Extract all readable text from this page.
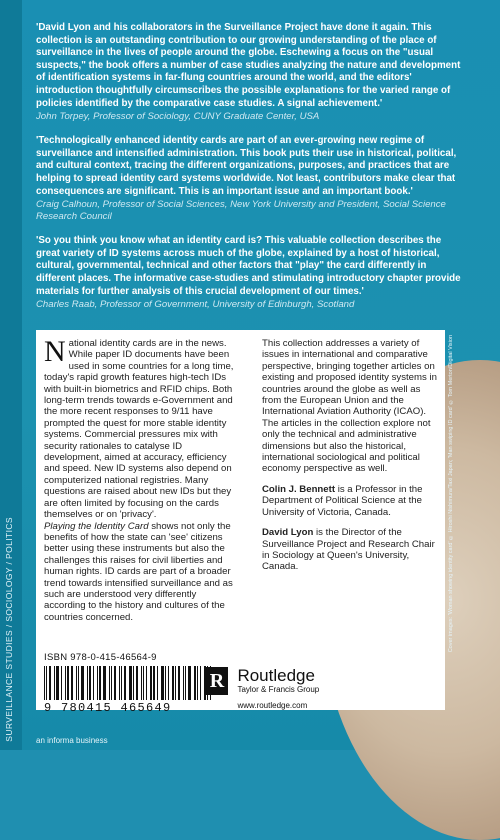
SURVEILLANCE STUDIES / SOCIOLOGY / POLITICS	Cover images: 'Woman showing identity card' © Hiroshi Nishimura/Taxi Japan; 'Man swiping ID card' © Tom Merton/Digital Vision

'David Lyon and his collaborators in the Surveillance Project have done it again. This collection is an outstanding contribution to our growing understanding of the place of surveillance in the lives of people around the globe. Eschewing a focus on the "usual suspects," the book offers a number of case studies analyzing the nature and development of identification systems in far-flung countries around the world, and the editors' introduction thoughtfully circumscribes the possible explanations for the varied range of policies identified by the comparative case studies. A signal achievement.'

John Torpey, Professor of Sociology, CUNY Graduate Center, USA

'Technologically enhanced identity cards are part of an ever-growing new regime of surveillance and intensified administration. This book puts their use in historical, political, and cultural context, tracing the different organizations, purposes, and practices that are helping to spread identity card systems worldwide. Not least, contributors make clear that consequences are significant. This is an important issue and an important book.'

Craig Calhoun, Professor of Social Sciences, New York University and President, Social Science Research Council

'So you think you know what an identity card is? This valuable collection describes the great variety of ID systems across much of the globe, explained by a host of historical, cultural, governmental, technical and other factors that "play" the card differently in different places. The informative case-studies and stimulating introductory chapter provide materials for further analysis of this crucial development of our times.'

Charles Raab, Professor of Government, University of Edinburgh, Scotland

National identity cards are in the news. While paper ID documents have been used in some countries for a long time, today's rapid growth features high-tech IDs with built-in biometrics and RFID chips. Both long-term trends towards e-Government and the more recent responses to 9/11 have prompted the quest for more stable identity systems. Commercial pressures mix with security rationales to catalyse ID development, aimed at accuracy, efficiency and speed. New ID systems also depend on computerized national registries. Many questions are raised about new IDs but they are often limited by focusing on the cards themselves or on 'privacy'.

Playing the Identity Card shows not only the benefits of how the state can 'see' citizens better using these instruments but also the challenges this raises for civil liberties and human rights. ID cards are part of a broader trend towards intensified surveillance and as such are understood very differently according to the history and cultures of the countries concerned.

This collection addresses a variety of issues in international and comparative perspective, bringing together articles on existing and proposed identity systems in countries around the globe as well as from the European Union and the International Aviation Authority (ICAO). The articles in the collection explore not only the technical and administrative dimensions but also the historical, international sociological and political economy perspective as well.

Colin J. Bennett is a Professor in the Department of Political Science at the University of Victoria, Canada.

David Lyon is the Director of the Surveillance Project and Research Chair in Sociology at Queen's University, Canada.

ISBN 978-0-415-46564-9
9 780415 465649
R Routledge
Taylor & Francis Group
www.routledge.com
an informa business
